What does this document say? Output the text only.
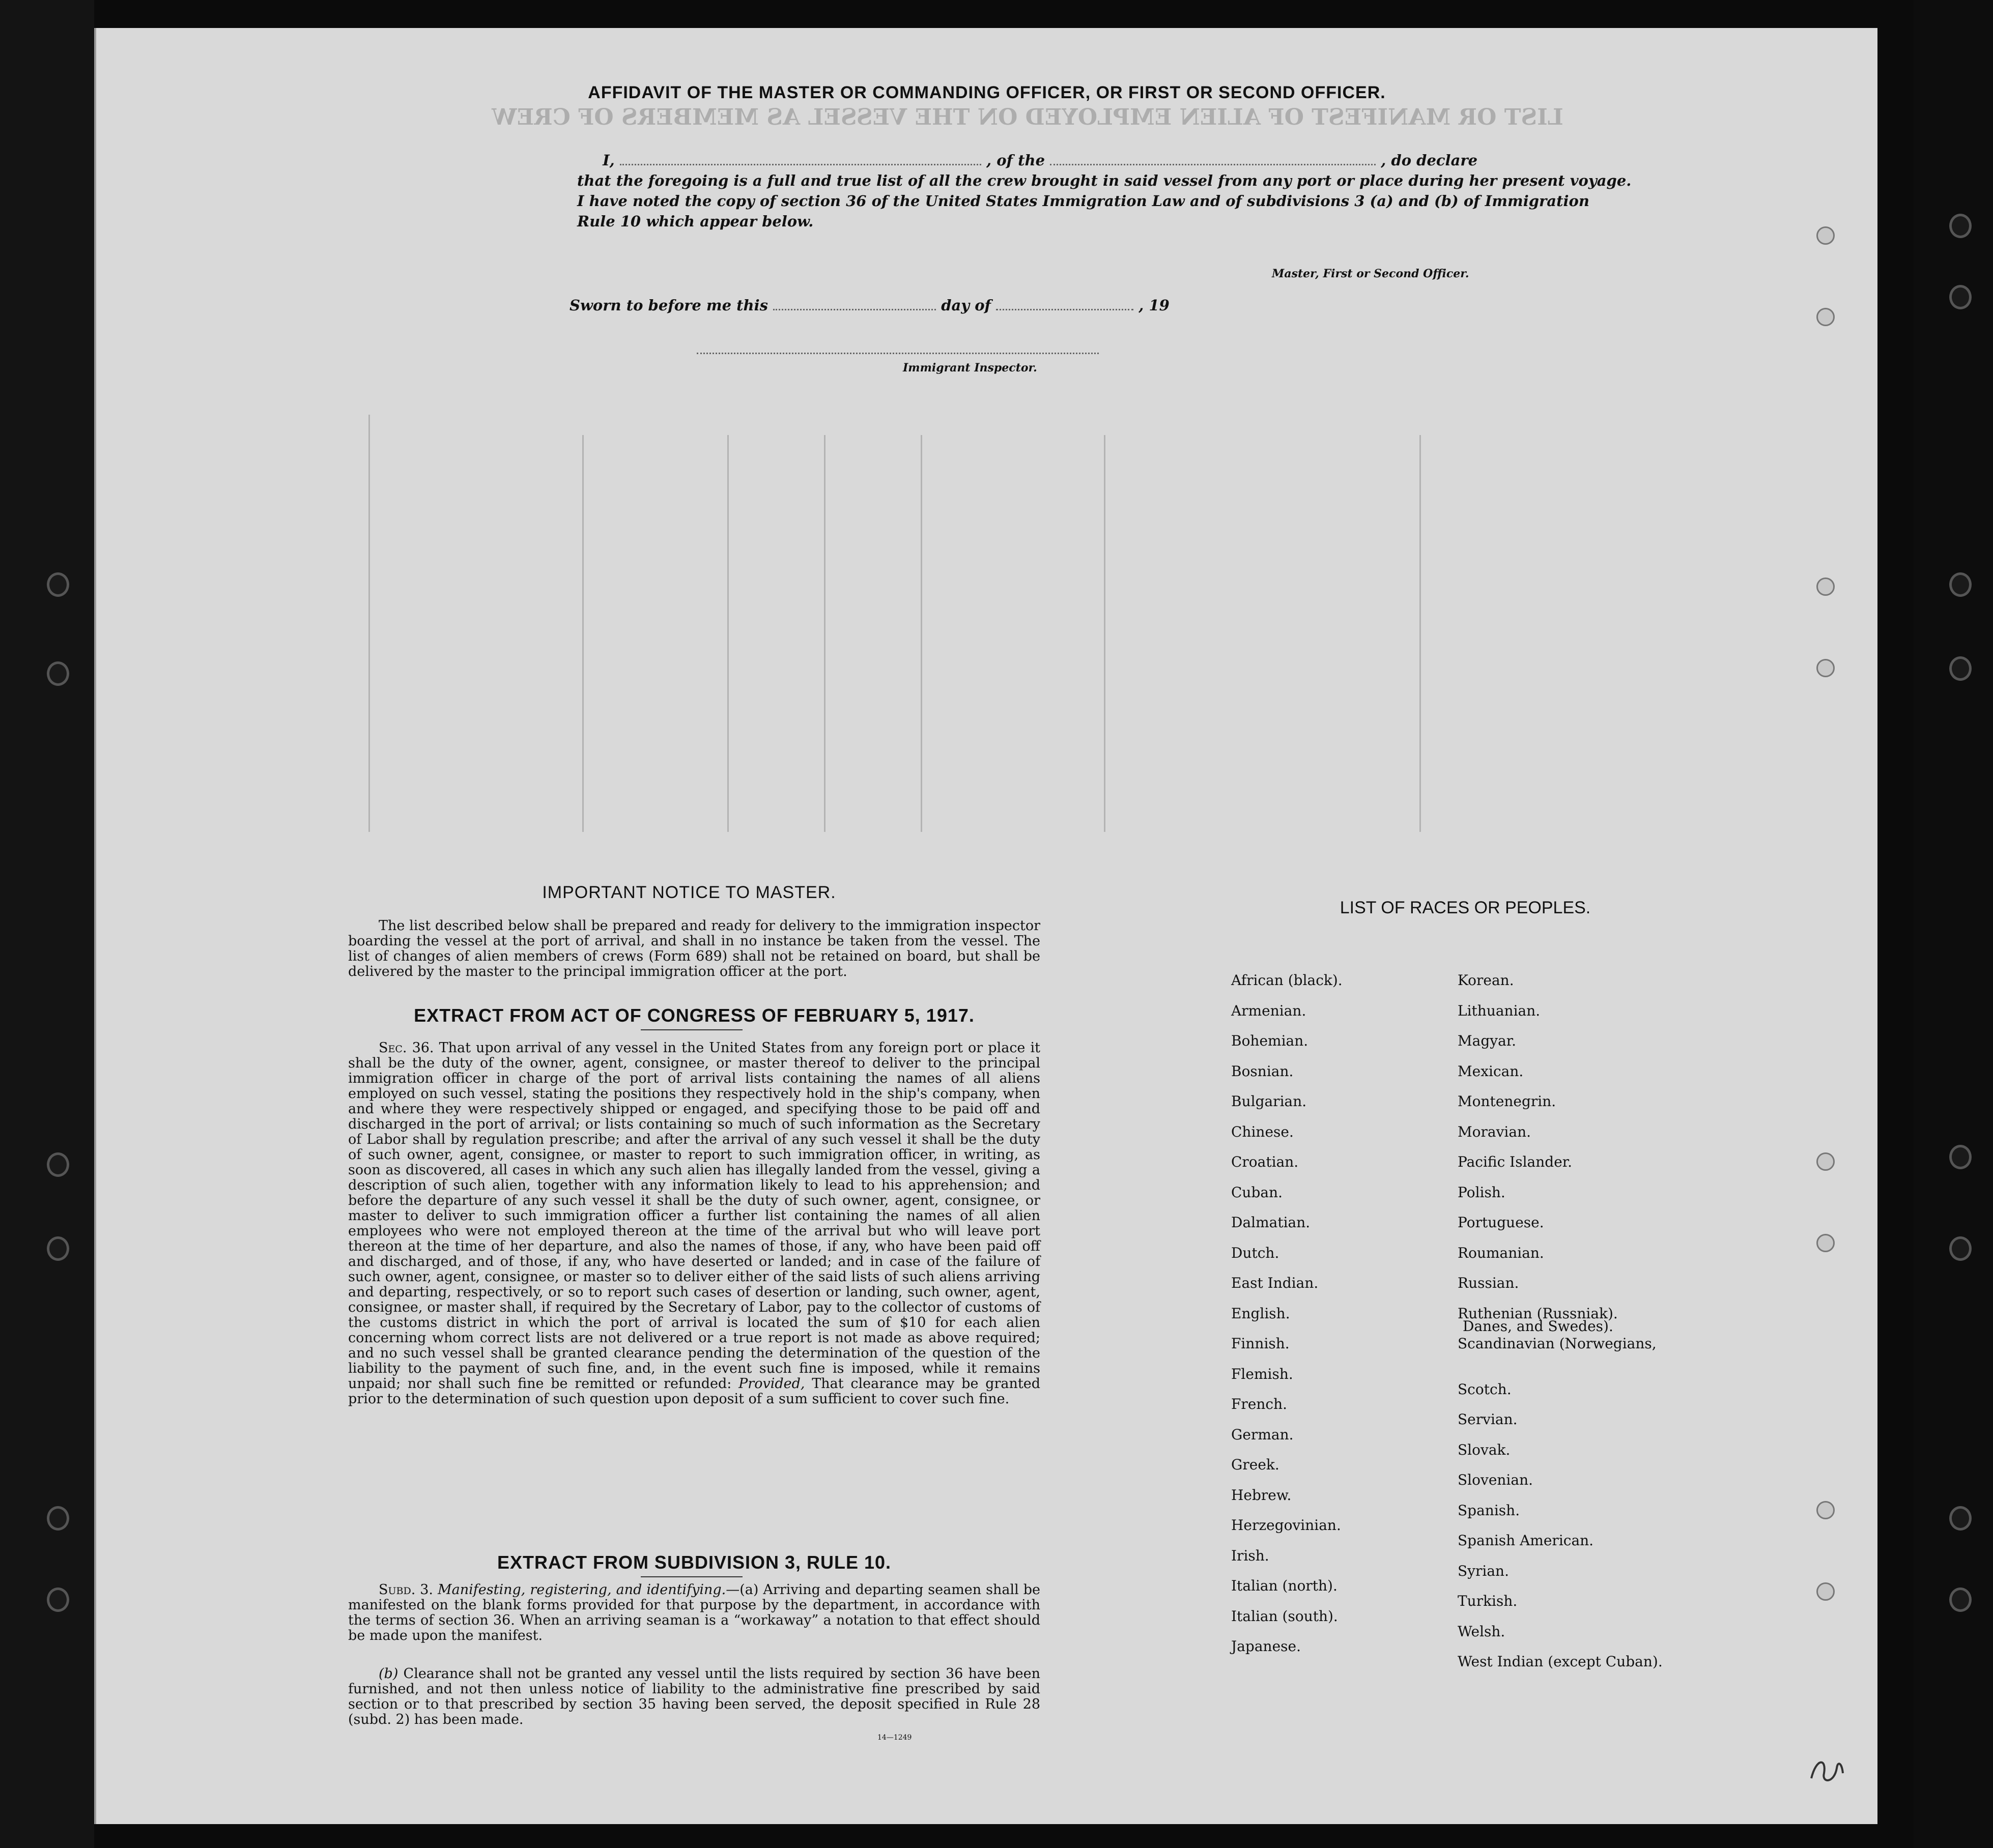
LIST OR MANIFEST OF ALIEN EMPLOYED ON THE VESSEL AS MEMBERS OF CREW
AFFIDAVIT OF THE MASTER OR COMMANDING OFFICER, OR FIRST OR SECOND OFFICER.
I,	, of the	, do declare
that the foregoing is a full and true list of all the crew brought in said vessel from any port or place during her present voyage.
I have noted the copy of section 36 of the United States Immigration Law and of subdivisions 3 (a) and (b) of Immigration
Rule 10 which appear below.
Master, First or Second Officer.
Sworn to before me this	day of	, 19
Immigrant Inspector.
IMPORTANT NOTICE TO MASTER.
The list described below shall be prepared and ready for delivery to the immigration inspector boarding the vessel at the port of arrival, and shall in no instance be taken from the vessel. The list of changes of alien members of crews (Form 689) shall not be retained on board, but shall be delivered by the master to the principal immigration officer at the port.
EXTRACT FROM ACT OF CONGRESS OF FEBRUARY 5, 1917.
Sec. 36. That upon arrival of any vessel in the United States from any foreign port or place it shall be the duty of the owner, agent, consignee, or master thereof to deliver to the principal immigration officer in charge of the port of arrival lists containing the names of all aliens employed on such vessel, stating the positions they respectively hold in the ship's company, when and where they were respectively shipped or engaged, and specifying those to be paid off and discharged in the port of arrival; or lists containing so much of such information as the Secretary of Labor shall by regulation prescribe; and after the arrival of any such vessel it shall be the duty of such owner, agent, consignee, or master to report to such immigration officer, in writing, as soon as discovered, all cases in which any such alien has illegally landed from the vessel, giving a description of such alien, together with any information likely to lead to his apprehension; and before the departure of any such vessel it shall be the duty of such owner, agent, consignee, or master to deliver to such immigration officer a further list containing the names of all alien employees who were not employed thereon at the time of the arrival but who will leave port thereon at the time of her departure, and also the names of those, if any, who have been paid off and discharged, and of those, if any, who have deserted or landed; and in case of the failure of such owner, agent, consignee, or master so to deliver either of the said lists of such aliens arriving and departing, respectively, or so to report such cases of desertion or landing, such owner, agent, consignee, or master shall, if required by the Secretary of Labor, pay to the collector of customs of the customs district in which the port of arrival is located the sum of $10 for each alien concerning whom correct lists are not delivered or a true report is not made as above required; and no such vessel shall be granted clearance pending the determination of the question of the liability to the payment of such fine, and, in the event such fine is imposed, while it remains unpaid; nor shall such fine be remitted or refunded: Provided, That clearance may be granted prior to the determination of such question upon deposit of a sum sufficient to cover such fine.
EXTRACT FROM SUBDIVISION 3, RULE 10.
Subd. 3. Manifesting, registering, and identifying.—(a) Arriving and departing seamen shall be manifested on the blank forms provided for that purpose by the department, in accordance with the terms of section 36. When an arriving seaman is a “workaway” a notation to that effect should be made upon the manifest.
(b) Clearance shall not be granted any vessel until the lists required by section 36 have been furnished, and not then unless notice of liability to the administrative fine prescribed by said section or to that prescribed by section 35 having been served, the deposit specified in Rule 28 (subd. 2) has been made.
14—1249
LIST OF RACES OR PEOPLES.
Danes, and Swedes).
African (black).
Armenian.
Bohemian.
Bosnian.
Bulgarian.
Chinese.
Croatian.
Cuban.
Dalmatian.
Dutch.
East Indian.
English.
Finnish.
Flemish.
French.
German.
Greek.
Hebrew.
Herzegovinian.
Irish.
Italian (north).
Italian (south).
Japanese.
Korean.
Lithuanian.
Magyar.
Mexican.
Montenegrin.
Moravian.
Pacific Islander.
Polish.
Portuguese.
Roumanian.
Russian.
Ruthenian (Russniak).
Scandinavian (Norwegians,
Scotch.
Servian.
Slovak.
Slovenian.
Spanish.
Spanish American.
Syrian.
Turkish.
Welsh.
West Indian (except Cuban).
